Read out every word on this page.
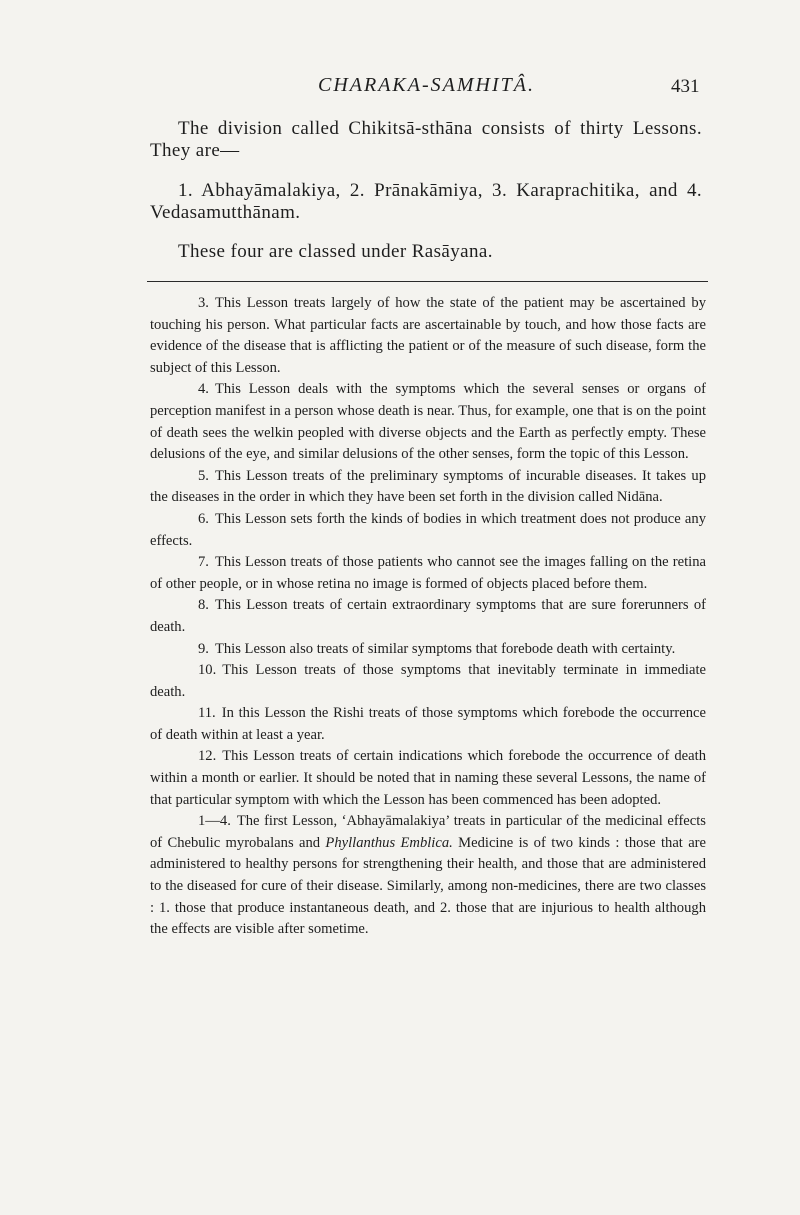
CHARAKA-SAMHITÂ.	431

The division called Chikitsā-sthāna consists of thirty Lessons. They are—

1. Abhayāmalakiya, 2. Prānakāmiya, 3. Karaprachitika, and 4. Vedasamutthānam.

These four are classed under Rasāyana.

3. This Lesson treats largely of how the state of the patient may be ascertained by touching his person. What particular facts are ascertainable by touch, and how those facts are evidence of the disease that is afflicting the patient or of the measure of such disease, form the subject of this Lesson.

4. This Lesson deals with the symptoms which the several senses or organs of perception manifest in a person whose death is near. Thus, for example, one that is on the point of death sees the welkin peopled with diverse objects and the Earth as perfectly empty. These delusions of the eye, and similar delusions of the other senses, form the topic of this Lesson.

5. This Lesson treats of the preliminary symptoms of incurable diseases. It takes up the diseases in the order in which they have been set forth in the division called Nidāna.

6. This Lesson sets forth the kinds of bodies in which treatment does not produce any effects.

7. This Lesson treats of those patients who cannot see the images falling on the retina of other people, or in whose retina no image is formed of objects placed before them.

8. This Lesson treats of certain extraordinary symptoms that are sure forerunners of death.

9. This Lesson also treats of similar symptoms that forebode death with certainty.

10. This Lesson treats of those symptoms that inevitably terminate in immediate death.

11. In this Lesson the Rishi treats of those symptoms which forebode the occurrence of death within at least a year.

12. This Lesson treats of certain indications which forebode the occurrence of death within a month or earlier. It should be noted that in naming these several Lessons, the name of that particular symptom with which the Lesson has been commenced has been adopted.

1—4. The first Lesson, ‘Abhayāmalakiya’ treats in particular of the medicinal effects of Chebulic myrobalans and Phyllanthus Emblica. Medicine is of two kinds : those that are administered to healthy persons for strengthening their health, and those that are administered to the diseased for cure of their disease. Similarly, among non-medicines, there are two classes : 1. those that produce instantaneous death, and 2. those that are injurious to health although the effects are visible after sometime.
